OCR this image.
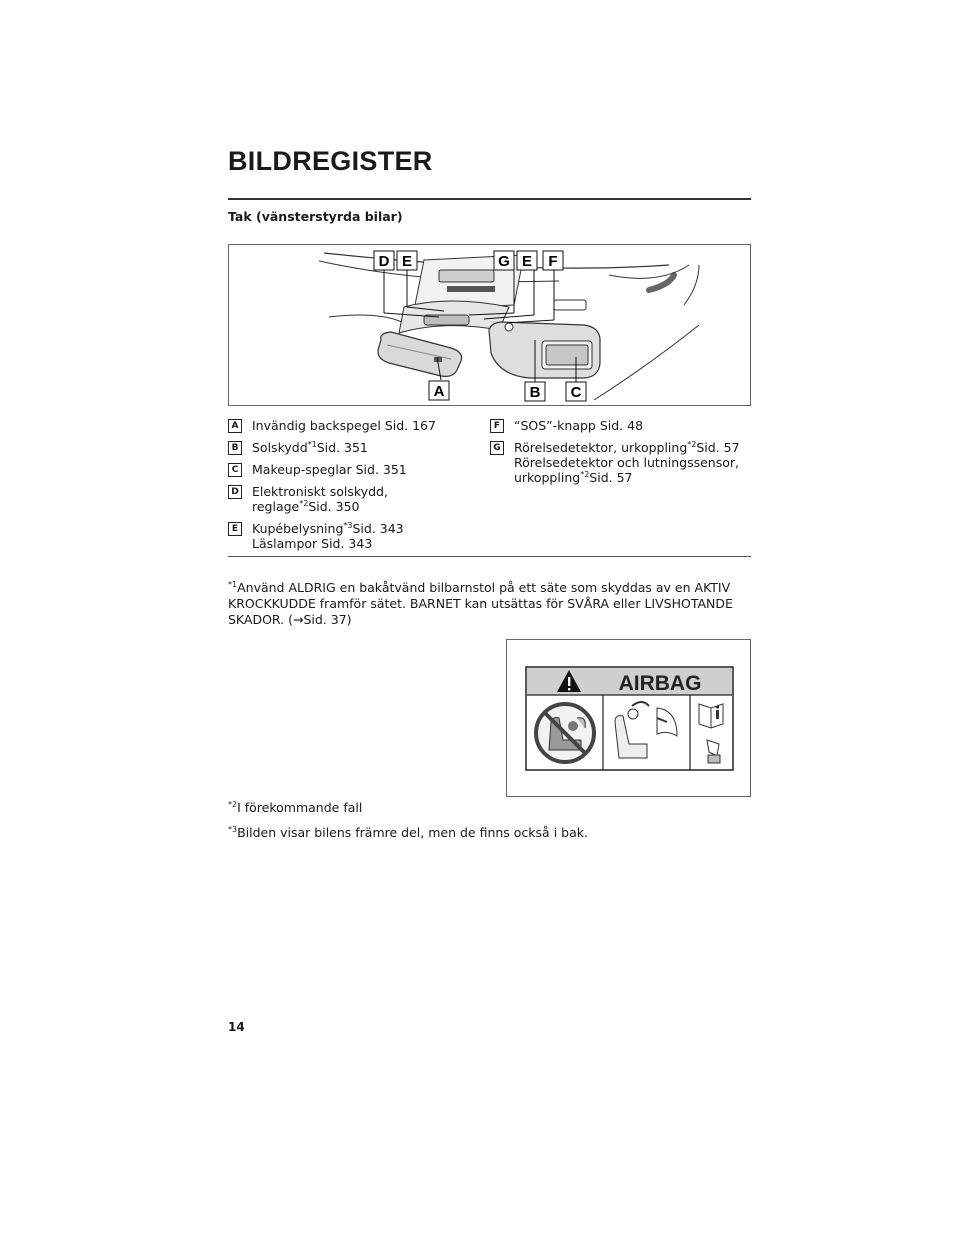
BILDREGISTER
Tak (vänsterstyrda bilar)
D E	G E F
A	B C
A Invändig backspegel Sid. 167
B Solskydd$^{*1}$Sid. 351
C Makeup-speglar Sid. 351
D Elektroniskt solskydd,
reglage$^{*2}$Sid. 350
E	Kupébelysning$^{*3}$Sid. 343
Läslampor Sid. 343
F	“SOS”-knapp Sid. 48
G Rörelsedetektor, urkoppling$^{*2}$Sid. 57
Rörelsedetektor och lutningssensor,
urkoppling$^{*2}$Sid. 57
$^{*1}$Använd ALDRIG en bakåtvänd bilbarnstol på ett säte som skyddas av en AKTIV KROCKKUDDE framför sätet. BARNET kan utsättas för SVÅRA eller LIVSHOTANDE SKADOR. (→Sid. 37)
AIRBAG
$^{*2}$I förekommande fall
$^{*3}$Bilden visar bilens främre del, men de finns också i bak.
14
